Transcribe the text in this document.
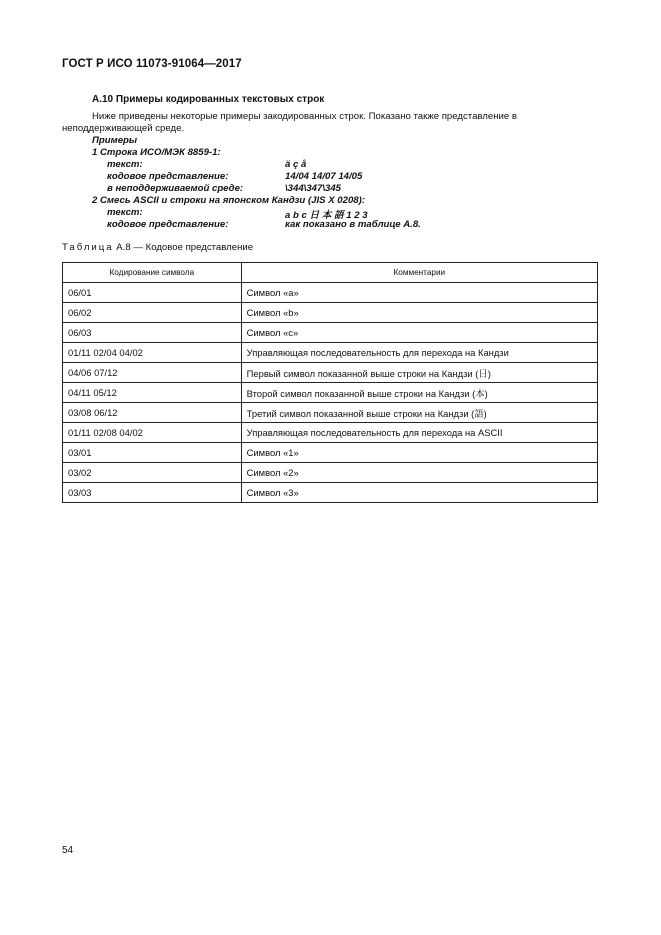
ГОСТ Р ИСО 11073-91064—2017
А.10 Примеры кодированных текстовых строк
Ниже приведены некоторые примеры закодированных строк. Показано также представление в неподдерживающей среде.
Примеры
1 Строка ИСО/МЭК 8859-1:
текст:	ä ç å
кодовое представление:	14/04 14/07 14/05
в неподдерживаемой среде:	\344\347\345
2 Смесь ASCII и строки на японском Кандзи (JIS X 0208):
текст:	a b c 日 本 語 1 2 3
кодовое представление:	как показано в таблице А.8.
Таблица А.8 — Кодовое представление
Кодирование символа	Комментарии
06/01	Символ «a»
06/02	Символ «b»
06/03	Символ «c»
01/11 02/04 04/02	Управляющая последовательность для перехода на Кандзи
04/06 07/12	Первый символ показанной выше строки на Кандзи (日)
04/11 05/12	Второй символ показанной выше строки на Кандзи (本)
03/08 06/12	Третий символ показанной выше строки на Кандзи (語)
01/11 02/08 04/02	Управляющая последовательность для перехода на ASCII
03/01	Символ «1»
03/02	Символ «2»
03/03	Символ «3»
54
